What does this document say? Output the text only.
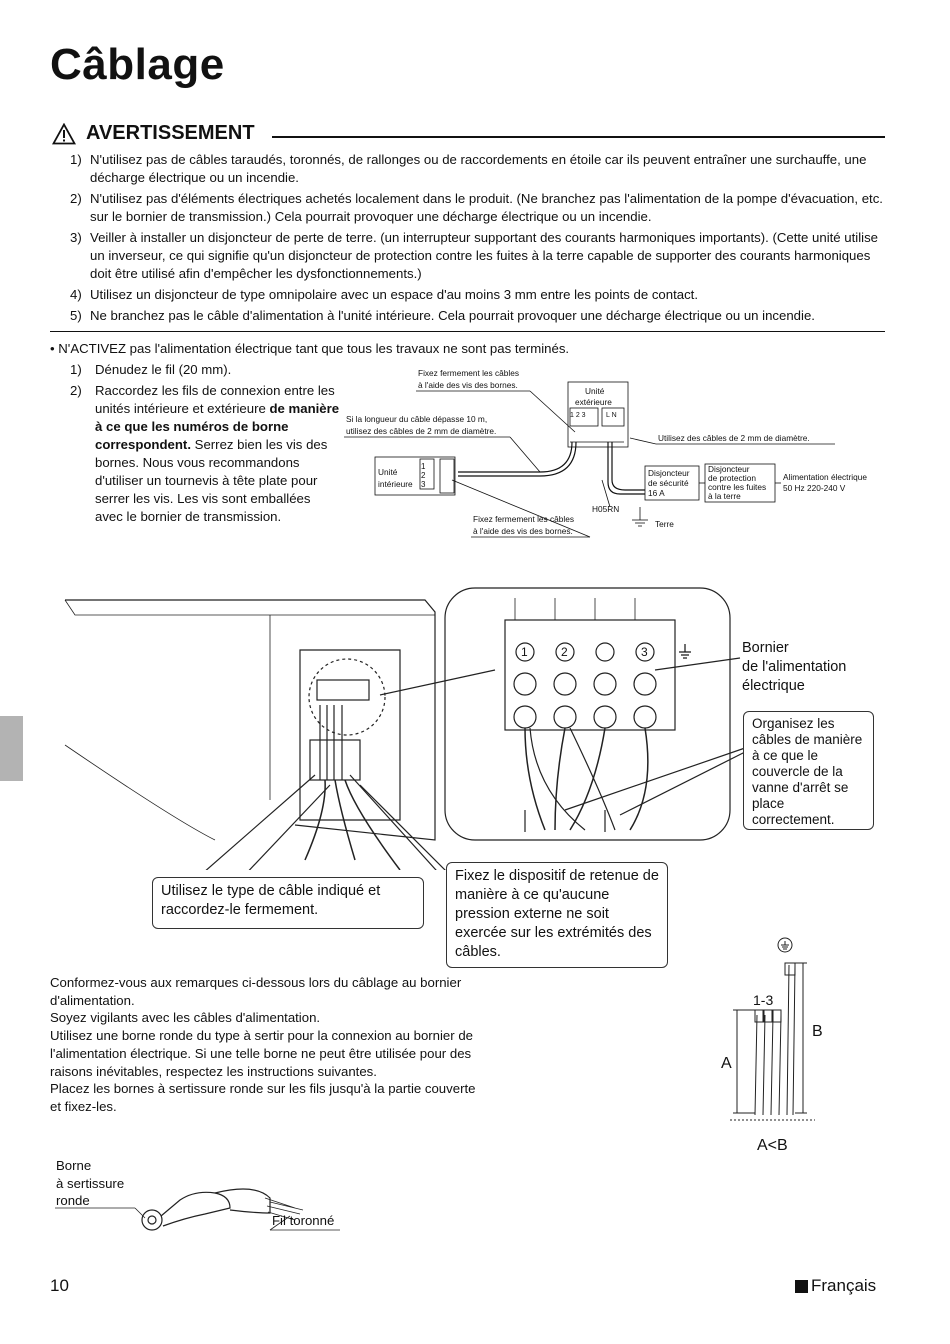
Câblage
AVERTISSEMENT
1) N'utilisez pas de câbles taraudés, toronnés, de rallonges ou de raccordements en étoile car ils peuvent entraîner une surchauffe, une décharge électrique ou un incendie.
2) N'utilisez pas d'éléments électriques achetés localement dans le produit. (Ne branchez pas l'alimentation de la pompe d'évacuation, etc. sur le bornier de transmission.) Cela pourrait provoquer une décharge électrique ou un incendie.
3) Veiller à installer un disjoncteur de perte de terre. (un interrupteur supportant des courants harmoniques importants). (Cette unité utilise un inverseur, ce qui signifie qu'un disjoncteur de protection contre les fuites à la terre capable de supporter des courants harmoniques doit être utilisé afin d'empêcher les dysfonctionnements.)
4) Utilisez un disjoncteur de type omnipolaire avec un espace d'au moins 3 mm entre les points de contact.
5) Ne branchez pas le câble d'alimentation à l'unité intérieure. Cela pourrait provoquer une décharge électrique ou un incendie.
• N'ACTIVEZ pas l'alimentation électrique tant que tous les travaux ne sont pas terminés.
1)	Dénudez le fil (20 mm).
2)	Raccordez les fils de connexion entre les unités intérieure et extérieure de manière à ce que les numéros de borne correspondent. Serrez bien les vis des bornes. Nous vous recommandons d'utiliser un tournevis à tête plate pour serrer les vis. Les vis sont emballées avec le bornier de transmission.
Fixez fermement les câbles
à l'aide des vis des bornes.
Si la longueur du câble dépasse 10 m,
utilisez des câbles de 2 mm de diamètre.
Unité
extérieure
Utilisez des câbles de 2 mm de diamètre.
Unité
intérieure
Disjoncteur
de sécurité
16 A
Disjoncteur
de protection
contre les fuites
à la terre
Alimentation électrique
50 Hz 220-240 V
H05RN
Terre
Fixez fermement les câbles
à l'aide des vis des bornes.
1 2 3	L N
1
2
3
1	2	3	Bornier
de l'alimentation
électrique
Organisez les câbles de manière à ce que le couvercle de la vanne d'arrêt se place correctement.
Utilisez le type de câble indiqué et raccordez-le fermement.
Fixez le dispositif de retenue de manière à ce qu'aucune pression externe ne soit exercée sur les extrémités des câbles.

Conformez-vous aux remarques ci-dessous lors du câblage au bornier d'alimentation.

Soyez vigilants avec les câbles d'alimentation.

Utilisez une borne ronde du type à sertir pour la connexion au bornier de l'alimentation électrique. Si une telle borne ne peut être utilisée pour des raisons inévitables, respectez les instructions suivantes.

Placez les bornes à sertissure ronde sur les fils jusqu'à la partie couverte et fixez-les.

Borne
à sertissure
ronde
Fil toronné
1-3
A
B
A<B
10	Français
